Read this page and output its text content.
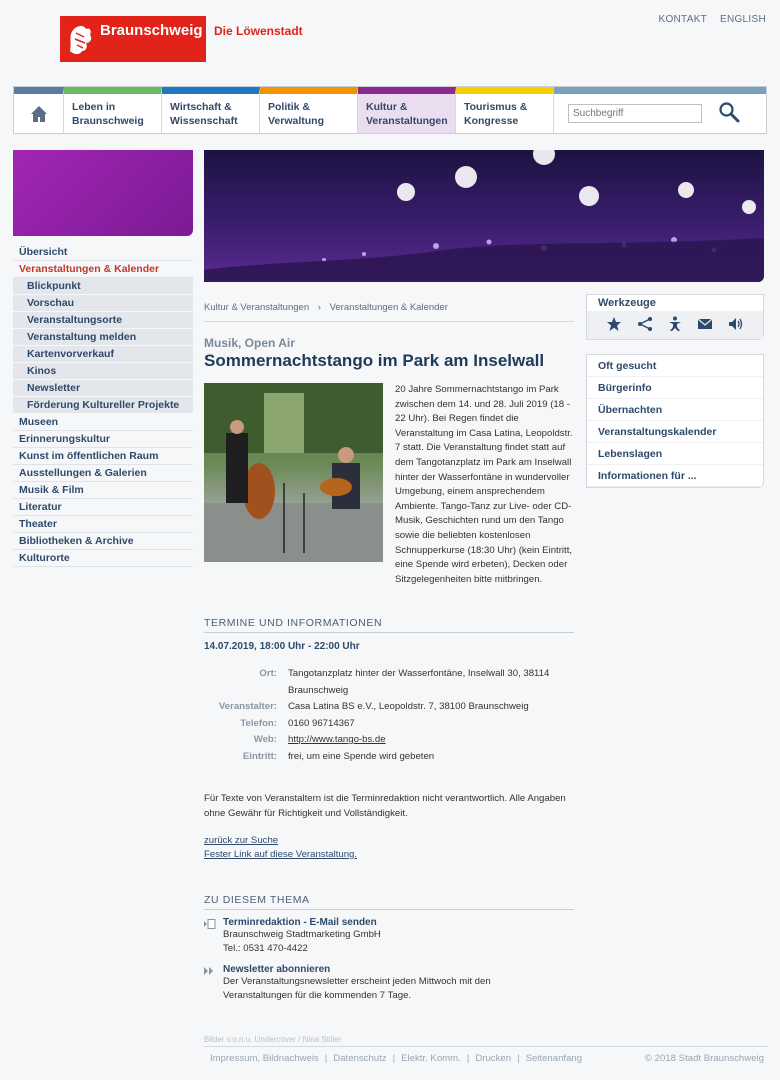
Braunschweig Die Löwenstadt
KONTAKT ENGLISH
Leben in
Braunschweig
Wirtschaft &
Wissenschaft
Politik &
Verwaltung
Kultur &
Veranstaltungen
Tourismus &
Kongresse
Suchbegriff
Übersicht
Veranstaltungen & Kalender
Blickpunkt
Vorschau
Veranstaltungsorte
Veranstaltung melden
Kartenvorverkauf
Kinos
Newsletter
Förderung Kultureller Projekte
Museen
Erinnerungskultur
Kunst im öffentlichen Raum
Ausstellungen & Galerien
Musik & Film
Literatur
Theater
Bibliotheken & Archive
Kulturorte
Kultur & Veranstaltungen › Veranstaltungen & Kalender
Musik, Open Air
Sommernachtstango im Park am Inselwall
20 Jahre Sommernachtstango im Park zwischen dem 14. und 28. Juli 2019 (18 - 22 Uhr). Bei Regen findet die Veranstaltung im Casa Latina, Leopoldstr. 7 statt. Die Veranstaltung findet statt auf dem Tangotanzplatz im Park am Inselwall hinter der Wasserfontäne in wundervoller Umgebung, einem ansprechendem Ambiente. Tango-Tanz zur Live- oder CD-Musik, Geschichten rund um den Tango sowie die beliebten kostenlosen Schnupperkurse (18:30 Uhr) (kein Eintritt, eine Spende wird erbeten), Decken oder Sitzgelegenheiten bitte mitbringen.
TERMINE UND INFORMATIONEN
14.07.2019, 18:00 Uhr - 22:00 Uhr
Ort:	Tangotanzplatz hinter der Wasserfontäne, Inselwall 30, 38114 Braunschweig
Veranstalter:	Casa Latina BS e.V., Leopoldstr. 7, 38100 Braunschweig
Telefon:	0160 96714367
Web:	http://www.tango-bs.de
Eintritt:	frei, um eine Spende wird gebeten
Für Texte von Veranstaltern ist die Terminredaktion nicht verantwortlich. Alle Angaben ohne Gewähr für Richtigkeit und Vollständigkeit.
zurück zur Suche
Fester Link auf diese Veranstaltung.
ZU DIESEM THEMA
Terminredaktion - E-Mail senden
Braunschweig Stadtmarketing GmbH
Tel.: 0531 470-4422
Newsletter abonnieren
Der Veranstaltungsnewsletter erscheint jeden Mittwoch mit den
Veranstaltungen für die kommenden 7 Tage.
Bilder v.o.n.u. Undercover / Nina Stiller
Impressum, Bildnachweis | Datenschutz | Elektr. Komm. | Drucken | Seitenanfang	© 2018 Stadt Braunschweig
Werkzeuge
Oft gesucht
Bürgerinfo
Übernachten
Veranstaltungskalender
Lebenslagen
Informationen für ...
